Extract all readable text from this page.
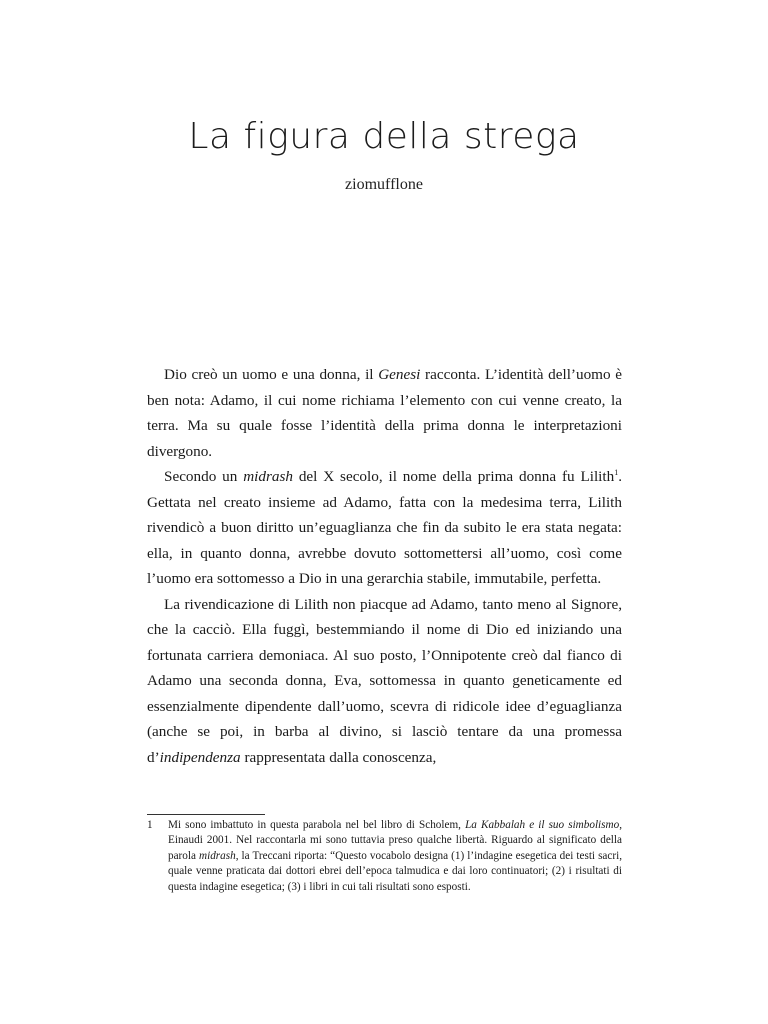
La figura della strega
ziomufflone

Dio creò un uomo e una donna, il Genesi racconta. L’identità dell’uomo è ben nota: Adamo, il cui nome richiama l’elemento con cui venne creato, la terra. Ma su quale fosse l’identità della prima donna le interpretazioni divergono.

Secondo un midrash del X secolo, il nome della prima donna fu Lilith$^1$. Gettata nel creato insieme ad Adamo, fatta con la medesima terra, Lilith rivendicò a buon diritto un’eguaglianza che fin da subito le era stata negata: ella, in quanto donna, avrebbe dovuto sottomettersi all’uomo, così come l’uomo era sottomesso a Dio in una gerarchia stabile, immutabile, perfetta.

La rivendicazione di Lilith non piacque ad Adamo, tanto meno al Signore, che la cacciò. Ella fuggì, bestemmiando il nome di Dio ed iniziando una fortunata carriera demoniaca. Al suo posto, l’Onnipotente creò dal fianco di Adamo una seconda donna, Eva, sottomessa in quanto geneticamente ed essenzialmente dipendente dall’uomo, scevra di ridicole idee d’eguaglianza (anche se poi, in barba al divino, si lasciò tentare da una promessa d’indipendenza rappresentata dalla conoscenza,

1	Mi sono imbattuto in questa parabola nel bel libro di Scholem, La Kabbalah e il suo simbolismo, Einaudi 2001. Nel raccontarla mi sono tuttavia preso qualche libertà. Riguardo al significato della parola midrash, la Treccani riporta: “Questo vocabolo designa (1) l’indagine esegetica dei testi sacri, quale venne praticata dai dottori ebrei dell’epoca talmudica e dai loro continuatori; (2) i risultati di questa indagine esegetica; (3) i libri in cui tali risultati sono esposti.
